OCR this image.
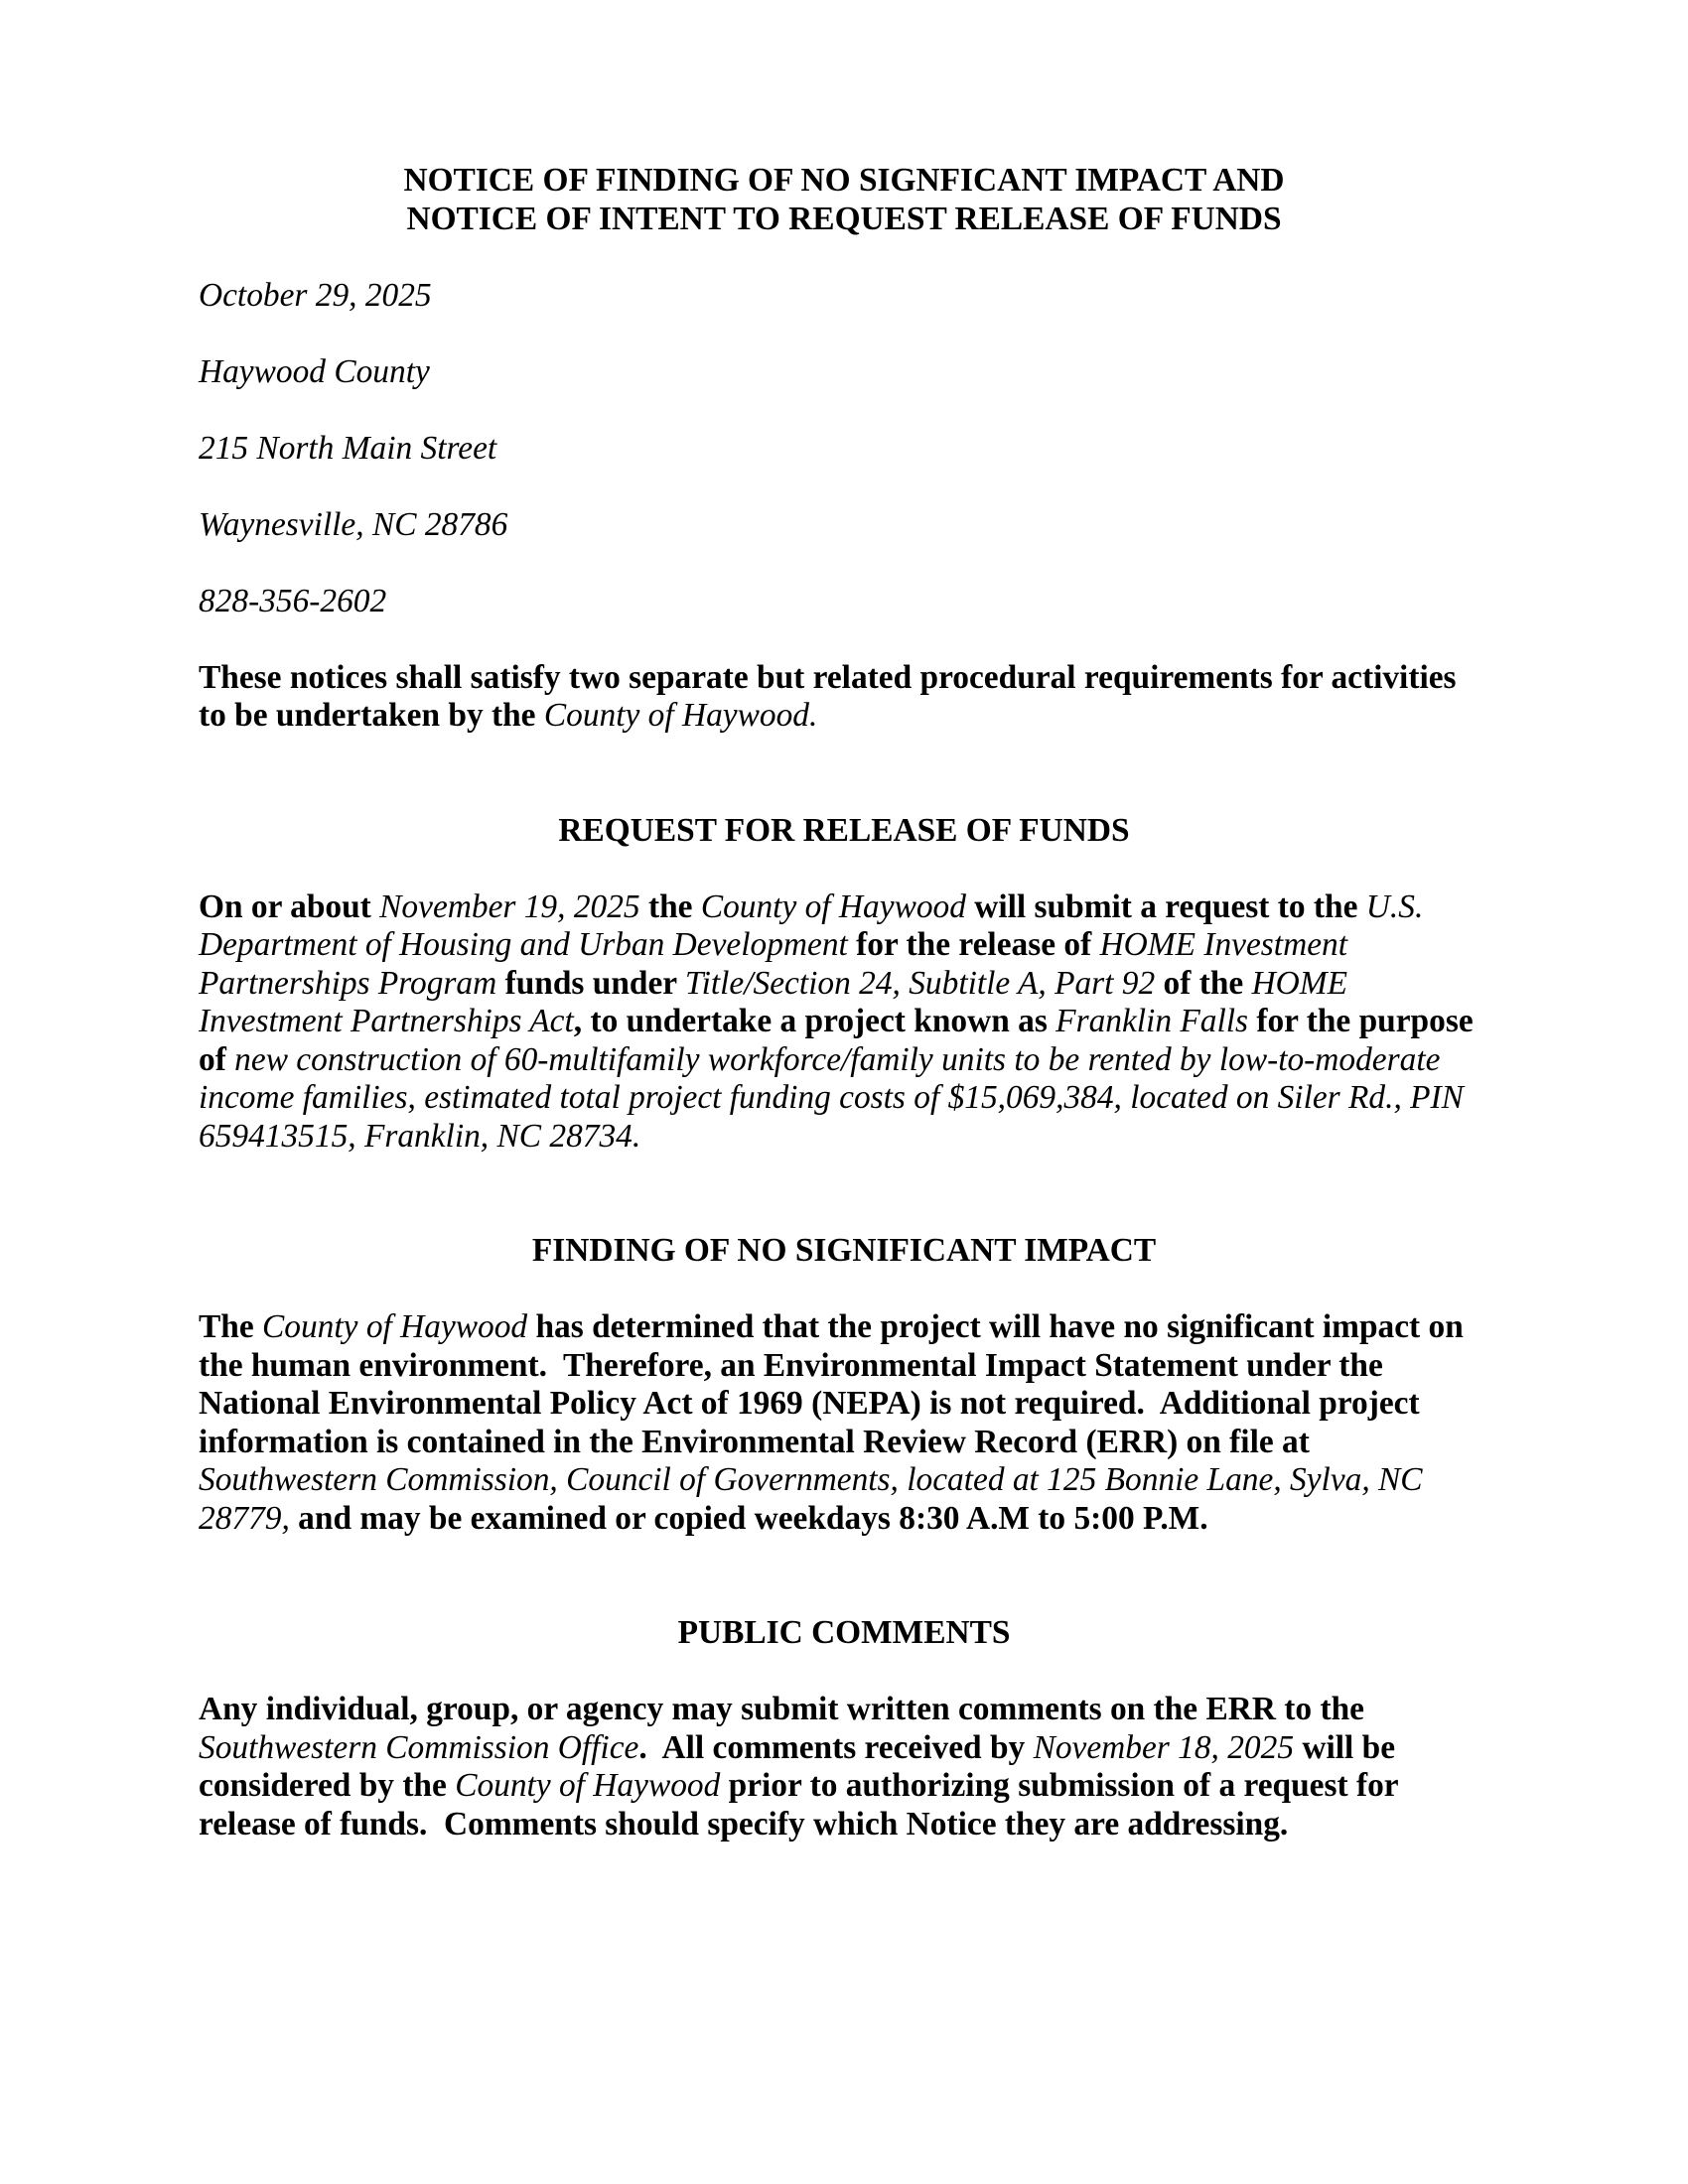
NOTICE OF FINDING OF NO SIGNFICANT IMPACT AND
NOTICE OF INTENT TO REQUEST RELEASE OF FUNDS

October 29, 2025

Haywood County

215 North Main Street

Waynesville, NC 28786

828-356-2602

These notices shall satisfy two separate but related procedural requirements for activities to be undertaken by the County of Haywood.

REQUEST FOR RELEASE OF FUNDS

On or about November 19, 2025 the County of Haywood will submit a request to the U.S. Department of Housing and Urban Development for the release of HOME Investment Partnerships Program funds under Title/Section 24, Subtitle A, Part 92 of the HOME Investment Partnerships Act, to undertake a project known as Franklin Falls for the purpose of new construction of 60-multifamily workforce/family units to be rented by low-to-moderate income families, estimated total project funding costs of $15,069,384, located on Siler Rd., PIN 659413515, Franklin, NC 28734.

FINDING OF NO SIGNIFICANT IMPACT

The County of Haywood has determined that the project will have no significant impact on the human environment.  Therefore, an Environmental Impact Statement under the National Environmental Policy Act of 1969 (NEPA) is not required.  Additional project information is contained in the Environmental Review Record (ERR) on file at Southwestern Commission, Council of Governments, located at 125 Bonnie Lane, Sylva, NC 28779, and may be examined or copied weekdays 8:30 A.M to 5:00 P.M.

PUBLIC COMMENTS

Any individual, group, or agency may submit written comments on the ERR to the Southwestern Commission Office.  All comments received by November 18, 2025 will be considered by the County of Haywood prior to authorizing submission of a request for release of funds.  Comments should specify which Notice they are addressing.
